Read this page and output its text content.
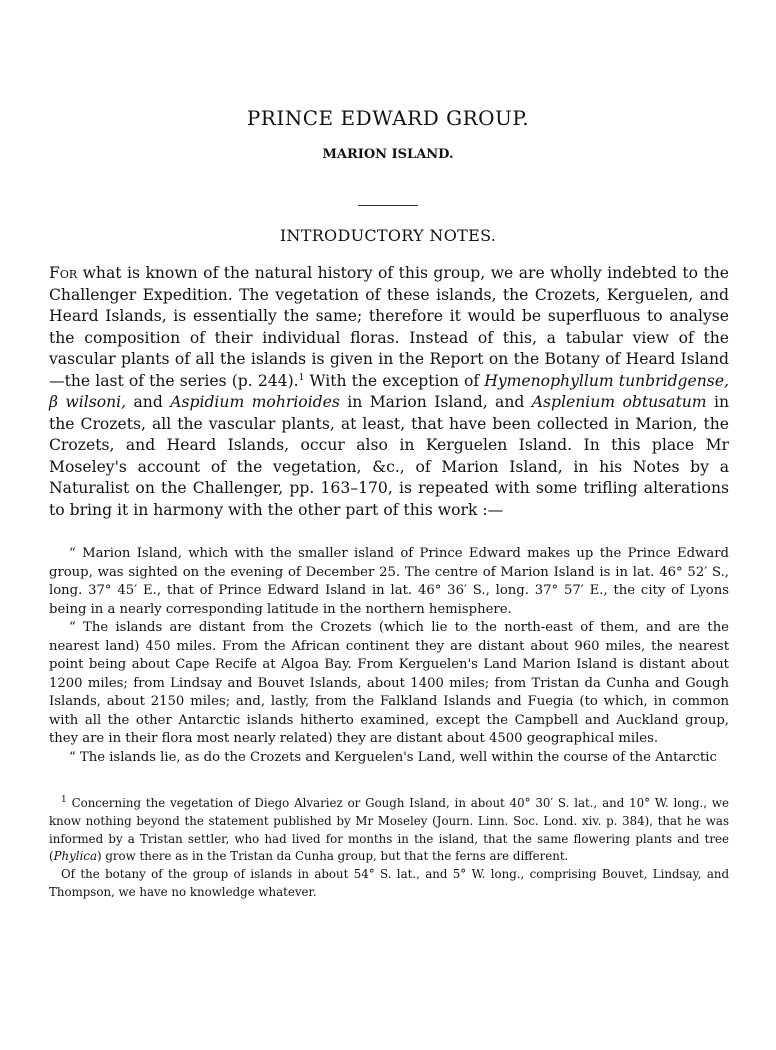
PRINCE EDWARD GROUP.
MARION ISLAND.
INTRODUCTORY NOTES.

For what is known of the natural history of this group, we are wholly indebted to the Challenger Expedition. The vegetation of these islands, the Crozets, Kerguelen, and Heard Islands, is essentially the same; therefore it would be superfluous to analyse the composition of their individual floras. Instead of this, a tabular view of the vascular plants of all the islands is given in the Report on the Botany of Heard Island—the last of the series (p. 244).$^1$ With the exception of Hymenophyllum tunbridgense, β wilsoni, and Aspidium mohrioides in Marion Island, and Asplenium obtusatum in the Crozets, all the vascular plants, at least, that have been collected in Marion, the Crozets, and Heard Islands, occur also in Kerguelen Island. In this place Mr Moseley's account of the vegetation, &c., of Marion Island, in his Notes by a Naturalist on the Challenger, pp. 163–170, is repeated with some trifling alterations to bring it in harmony with the other part of this work :—

“ Marion Island, which with the smaller island of Prince Edward makes up the Prince Edward group, was sighted on the evening of December 25. The centre of Marion Island is in lat. 46° 52′ S., long. 37° 45′ E., that of Prince Edward Island in lat. 46° 36′ S., long. 37° 57′ E., the city of Lyons being in a nearly corresponding latitude in the northern hemisphere.

“ The islands are distant from the Crozets (which lie to the north-east of them, and are the nearest land) 450 miles. From the African continent they are distant about 960 miles, the nearest point being about Cape Recife at Algoa Bay. From Kerguelen's Land Marion Island is distant about 1200 miles; from Lindsay and Bouvet Islands, about 1400 miles; from Tristan da Cunha and Gough Islands, about 2150 miles; and, lastly, from the Falkland Islands and Fuegia (to which, in common with all the other Antarctic islands hitherto examined, except the Campbell and Auckland group, they are in their flora most nearly related) they are distant about 4500 geographical miles.

“ The islands lie, as do the Crozets and Kerguelen's Land, well within the course of the Antarctic

$^1$ Concerning the vegetation of Diego Alvariez or Gough Island, in about 40° 30′ S. lat., and 10° W. long., we know nothing beyond the statement published by Mr Moseley (Journ. Linn. Soc. Lond. xiv. p. 384), that he was informed by a Tristan settler, who had lived for months in the island, that the same flowering plants and tree (Phylica) grow there as in the Tristan da Cunha group, but that the ferns are different.

Of the botany of the group of islands in about 54° S. lat., and 5° W. long., comprising Bouvet, Lindsay, and Thompson, we have no knowledge whatever.
